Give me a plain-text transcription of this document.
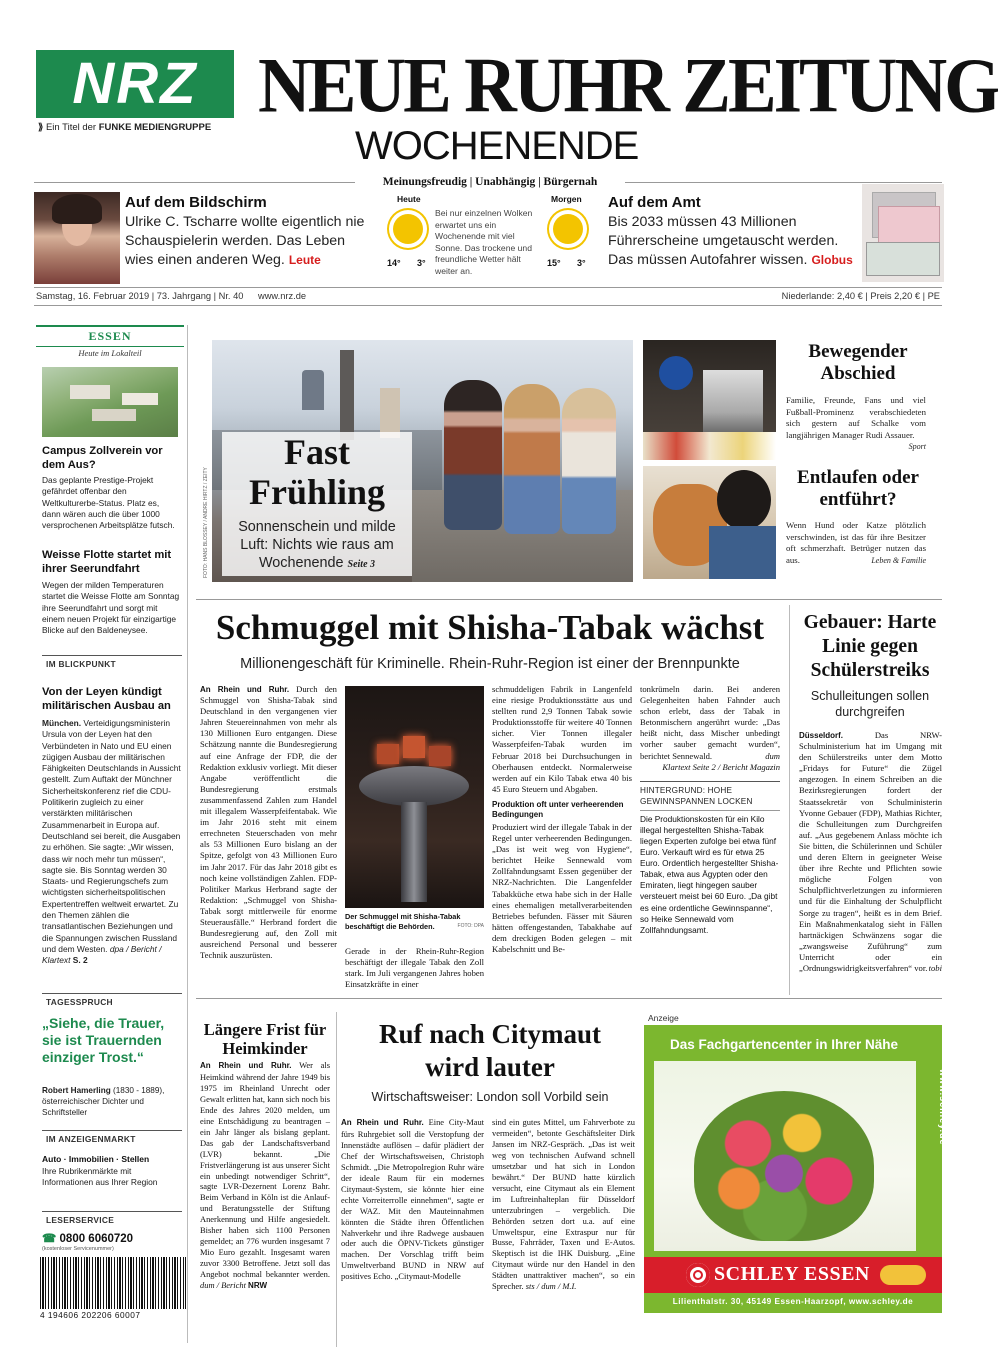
NRZ
⟫ Ein Titel der FUNKE MEDIENGRUPPE NEUE RUHR ZEITUNG
WOCHENENDE
Meinungsfreudig | Unabhängig | Bürgernah
Auf dem Bildschirm
Ulrike C. Tscharre wollte eigentlich nie Schauspielerin werden. Das Leben wies einen anderen Weg. Leute
Heute
14° 3°
Bei nur einzelnen Wolken erwartet uns ein Wochenende mit viel Sonne. Das trockene und freundliche Wetter hält weiter an.
Morgen
15° 3°
Auf dem Amt
Bis 2033 müssen 43 Millionen Führerscheine umgetauscht werden. Das müssen Autofahrer wissen. Globus
Samstag, 16. Februar 2019 | 73. Jahrgang | Nr. 40 www.nrz.de	Niederlande: 2,40 € | Preis 2,20 € | PE
ESSEN
Heute im Lokalteil
Campus Zollverein vor dem Aus?
Das geplante Prestige-Projekt gefährdet offenbar den Weltkulturerbe-Status. Platz es, dann wären auch die über 1000 versprochenen Arbeitsplätze futsch.
Weisse Flotte startet mit ihrer Seerundfahrt
Wegen der milden Temperaturen startet die Weisse Flotte am Sonntag ihre Seerundfahrt und sorgt mit einem neuen Projekt für einzigartige Blicke auf den Baldeneysee.
IM BLICKPUNKT
Von der Leyen kündigt militärischen Ausbau an
München. Verteidigungsministerin Ursula von der Leyen hat den Verbündeten in Nato und EU einen zügigen Ausbau der militärischen Fähigkeiten Deutschlands in Aussicht gestellt. Zum Auftakt der Münchner Sicherheitskonferenz rief die CDU-Politikerin zugleich zu einer verstärkten militärischen Zusammenarbeit in Europa auf. Deutschland sei bereit, die Ausgaben zu erhöhen. Sie sagte: „Wir wissen, dass wir noch mehr tun müssen“, sagte sie. Bis Sonntag werden 30 Staats- und Regierungschefs zum wichtigsten sicherheitspolitischen Expertentreffen weltweit erwartet. Zu den Themen zählen die transatlantischen Beziehungen und die Spannungen zwischen Russland und dem Westen. dpa / Bericht / Klartext S. 2
TAGESSPRUCH
„Siehe, die Trauer, sie ist Trauernden einziger Trost.“
Robert Hamerling (1830 - 1889), österreichischer Dichter und Schriftsteller
IM ANZEIGENMARKT
Auto · Immobilien · Stellen
Ihre Rubrikenmärkte mit Informationen aus Ihrer Region
LESERSERVICE
☎ 0800 6060720
(kostenloser Servicenummer)
4 194606 202206 60007
Fast
Frühling
Sonnenschein und milde Luft: Nichts wie raus am Wochenende Seite 3
FOTO: HANS BLOSSEY / ANDRE HIRTZ / ZEITY
Bewegender Abschied
Familie, Freunde, Fans und viel Fußball-Prominenz verabschiedeten sich gestern auf Schalke vom langjährigen Manager Rudi Assauer.
Sport
Entlaufen oder entführt?
Wenn Hund oder Katze plötzlich verschwinden, ist das für ihre Besitzer oft schmerzhaft. Betrüger nutzen das aus.	Leben & Familie
Schmuggel mit Shisha-Tabak wächst
Millionengeschäft für Kriminelle. Rhein-Ruhr-Region ist einer der Brennpunkte

An Rhein und Ruhr. Durch den Schmuggel von Shisha-Tabak sind Deutschland in den vergangenen vier Jahren Steuereinnahmen von mehr als 130 Millionen Euro entgangen. Diese Schätzung nannte die Bundesregierung auf eine Anfrage der FDP, die der Redaktion exklusiv vorliegt. Mit dieser Angabe veröffentlicht die Bundesregierung erstmals zusammenfassend Zahlen zum Handel mit illegalem Wasserpfeifentabak. Wie im Jahr 2016 steht mit einem errechneten Steuerschaden von mehr als 53 Millionen Euro bislang an der Spitze, gefolgt von 43 Millionen Euro im Jahr 2017. Für das Jahr 2018 gibt es noch keine vollständigen Zahlen. FDP-Politiker Markus Herbrand sagte der Redaktion: „Schmuggel von Shisha-Tabak sorgt mittlerweile für enorme Steuerausfälle.“ Herbrand fordert die Bundesregierung auf, den Zoll mit ausreichend Personal und besserer Technik auszurüsten.

Der Schmuggel mit Shisha-Tabak beschäftigt die Behörden.	FOTO: DPA

Gerade in der Rhein-Ruhr-Region beschäftigt der illegale Tabak den Zoll stark. Im Juli vergangenen Jahres hoben Einsatzkräfte in einer

schmuddeligen Fabrik in Langenfeld eine riesige Produktionsstätte aus und stellten rund 2,9 Tonnen Tabak sowie Produktionsstoffe für weitere 40 Tonnen sicher. Vier Tonnen illegaler Wasserpfeifen-Tabak wurden im Februar 2018 bei Durchsuchungen in Oberhausen entdeckt. Normalerweise werden auf ein Kilo Tabak etwa 40 bis 45 Euro Steuern und Abgaben.

Produktion oft unter verheerenden Bedingungen

Produziert wird der illegale Tabak in der Regel unter verheerenden Bedingungen. „Das ist weit weg von Hygiene“, berichtet Heike Sennewald vom Zollfahndungsamt Essen gegenüber der NRZ-Nachrichten. Die Langenfelder Tabakküche etwa habe sich in der Halle eines ehemaligen metallverarbeitenden Betriebes befunden. Fässer mit Säuren hätten offengestanden, Tabakhabe auf dem dreckigen Boden gelegen – mit Kabelschnitt und Be-

tonkrümeln darin. Bei anderen Gelegenheiten haben Fahnder auch schon erlebt, dass der Tabak in Betonmischern angerührt wurde: „Das heißt nicht, dass Mischer unbedingt vorher sauber gemacht wurden“, berichtet Sennewald.	dum

Klartext Seite 2 / Bericht Magazin

HINTERGRUND: HOHE GEWINNSPANNEN LOCKEN

Die Produktionskosten für ein Kilo illegal hergestellten Shisha-Tabak liegen Experten zufolge bei etwa fünf Euro. Verkauft wird es für etwa 25 Euro. Ordentlich hergestellter Shisha-Tabak, etwa aus Ägypten oder den Emiraten, liegt hingegen sauber versteuert meist bei 60 Euro. „Da gibt es eine ordentliche Gewinnspanne“, so Heike Sennewald vom Zollfahndungsamt.

Gebauer: Harte Linie gegen Schülerstreiks
Schulleitungen sollen durchgreifen

Düsseldorf.	Das NRW-Schulministerium hat im Umgang mit den Schülerstreiks unter dem Motto „Fridays for Future“ die Zügel angezogen. In einem Schreiben an die Bezirksregierungen fordert der Staatssekretär von Schulministerin Yvonne Gebauer (FDP), Mathias Richter, die Schulleitungen zum Durchgreifen auf. „Aus gegebenem Anlass möchte ich Sie bitten, die Schülerinnen und Schüler und deren Eltern in geeigneter Weise über ihre Rechte und Pflichten sowie mögliche Folgen von Schulpflichtverletzungen zu informieren und für die Einhaltung der Schulpflicht Sorge zu tragen“, heißt es in dem Brief. Ein Maßnahmenkatalog sieht in Fällen hartnäckigen Schwänzens sogar die „zwangsweise Zuführung“ zum Unterricht oder ein „Ordnungswidrigkeitsverfahren“ vor. tobi

Längere Frist für Heimkinder

An Rhein und Ruhr. Wer als Heimkind während der Jahre 1949 bis 1975 im Rheinland Unrecht oder Gewalt erlitten hat, kann sich noch bis Ende des Jahres 2020 melden, um eine Entschädigung zu beantragen – ein Jahr länger als bislang geplant. Das gab der Landschaftsverband (LVR) bekannt. „Die Fristverlängerung ist aus unserer Sicht ein unbedingt notwendiger Schritt“, sagte LVR-Dezernent Lorenz Bahr. Beim Verband in Köln ist die Anlauf- und Beratungsstelle der Stiftung Anerkennung und Hilfe angesiedelt. Bisher haben sich 1100 Personen gemeldet; an 776 wurden insgesamt 7 Mio Euro gezahlt. Insgesamt waren zuvor 3300 Betroffene. Jetzt soll das Angebot nochmal bekannter werden. dum / Bericht NRW

Ruf nach Citymaut
wird lauter
Wirtschaftsweiser: London soll Vorbild sein

An Rhein und Ruhr. Eine City-Maut fürs Ruhrgebiet soll die Verstopfung der Innenstädte auflösen – dafür plädiert der Chef der Wirtschaftsweisen, Christoph Schmidt. „Die Metropolregion Ruhr wäre der ideale Raum für ein modernes Citymaut-System, sie könnte hier eine echte Vorreiterrolle einnehmen“, sagte er der WAZ. Mit den Mauteinnahmen könnten die Städte ihren Öffentlichen Nahverkehr und ihre Radwege ausbauen oder auch die ÖPNV-Tickets günstiger machen. Der Vorschlag trifft beim Umweltverband BUND in NRW auf positives Echo. „Citymaut-Modelle

sind ein gutes Mittel, um Fahrverbote zu vermeiden“, betonte Geschäftsleiter Dirk Jansen im NRZ-Gespräch. „Das ist weit weg von technischen Aufwand schnell umsetzbar und hat sich in London bewährt.“ Der BUND hatte kürzlich versucht, eine Citymaut als ein Element im Luftreinhalteplan für Düsseldorf unterzubringen – vergeblich. Die Behörden setzen dort u.a. auf eine Umweltspur, eine Extraspur nur für Busse, Fahrräder, Taxen und E-Autos. Skeptisch ist die IHK Duisburg. „Eine Citymaut würde nur den Handel in den Städten unattraktiver machen“, so ein Sprecher. sts / dum / M.I.

Anzeige
Das Fachgartencenter in Ihrer Nähe
www.schley.de
SCHLEY ESSEN
Lilienthalstr. 30, 45149 Essen-Haarzopf, www.schley.de
